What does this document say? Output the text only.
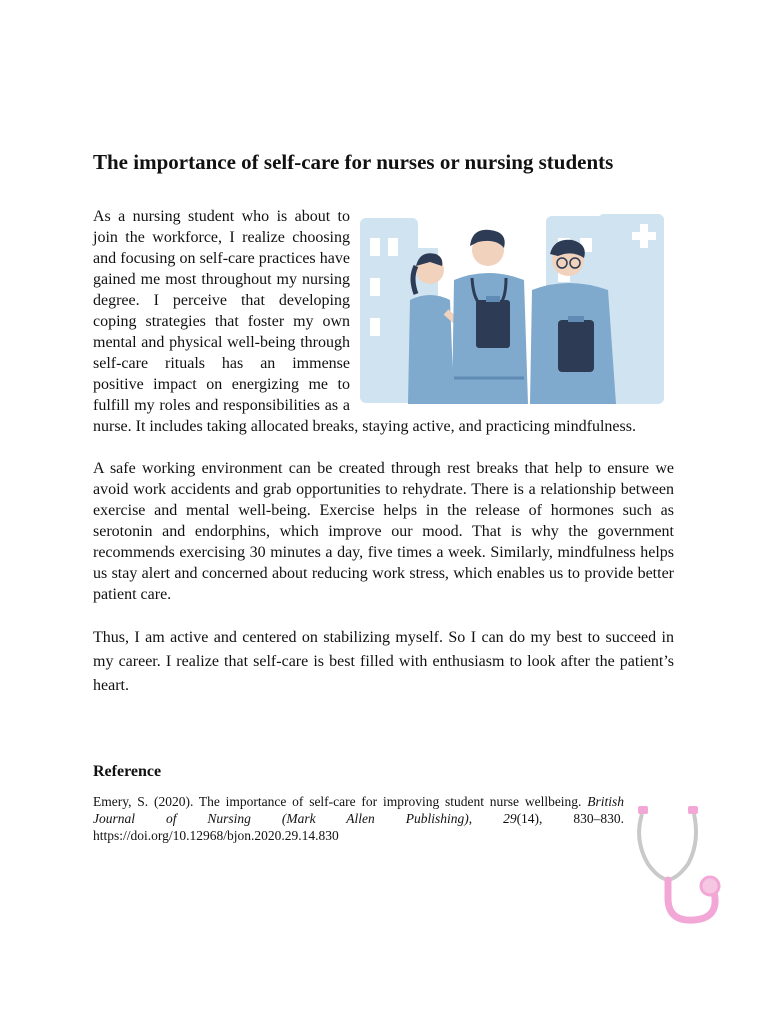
The importance of self-care for nurses or nursing students

As a nursing student who is about to join the workforce, I realize choosing and focusing on self-care practices have gained me most throughout my nursing degree. I perceive that developing coping strategies that foster my own mental and physical well-being through self-care rituals has an immense positive impact on energizing me to fulfill my roles and responsibilities as a nurse. It includes taking allocated breaks, staying active, and practicing mindfulness.

A safe working environment can be created through rest breaks that help to ensure we avoid work accidents and grab opportunities to rehydrate. There is a relationship between exercise and mental well-being. Exercise helps in the release of hormones such as serotonin and endorphins, which improve our mood. That is why the government recommends exercising 30 minutes a day, five times a week. Similarly, mindfulness helps us stay alert and concerned about reducing work stress, which enables us to provide better patient care.

Thus, I am active and centered on stabilizing myself. So I can do my best to succeed in my career. I realize that self-care is best filled with enthusiasm to look after the patient’s heart.

Reference
Emery, S. (2020). The importance of self-care for improving student nurse wellbeing. British Journal of Nursing (Mark Allen Publishing), 29(14), 830–830. https://doi.org/10.12968/bjon.2020.29.14.830
